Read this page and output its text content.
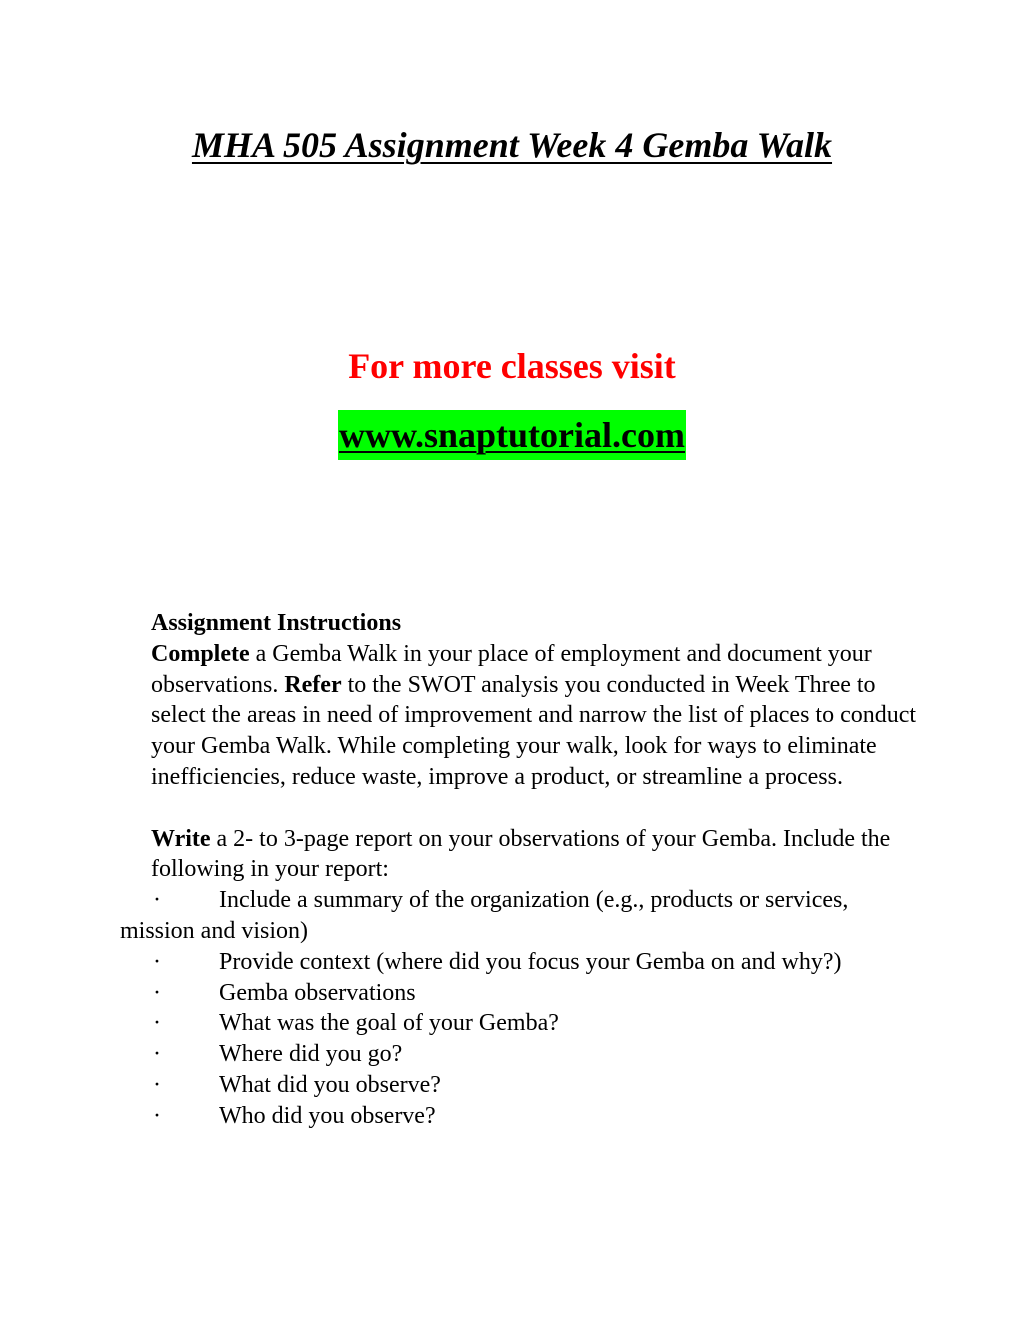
MHA 505 Assignment Week 4 Gemba Walk
For more classes visit
www.snaptutorial.com

Assignment Instructions

Complete a Gemba Walk in your place of employment and document your observations. Refer to the SWOT analysis you conducted in Week Three to select the areas in need of improvement and narrow the list of places to conduct your Gemba Walk. While completing your walk, look for ways to eliminate inefficiencies, reduce waste, improve a product, or streamline a process.

Write a 2- to 3-page report on your observations of your Gemba. Include the following in your report:

· Include a summary of the organization (e.g., products or services, mission and vision)

· Provide context (where did you focus your Gemba on and why?)

· Gemba observations

· What was the goal of your Gemba?

· Where did you go?

· What did you observe?

· Who did you observe?
